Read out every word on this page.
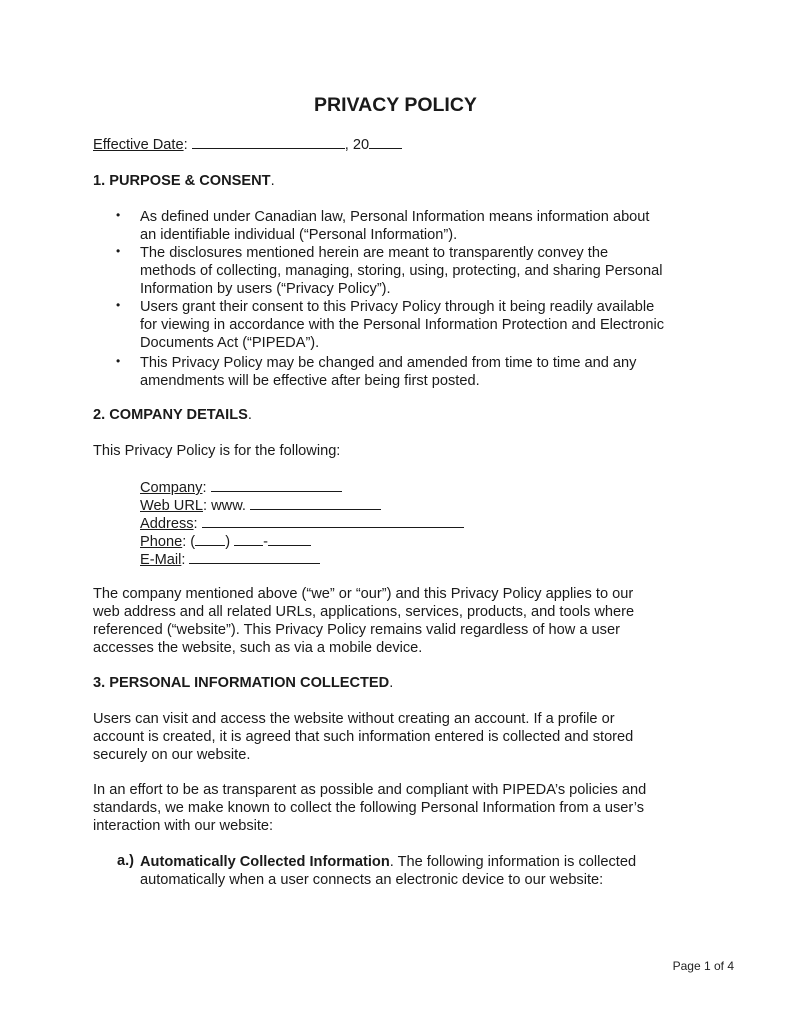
PRIVACY POLICY
Effective Date:	, 20
1. PURPOSE & CONSENT.
• As defined under Canadian law, Personal Information means information about
an identifiable individual (“Personal Information”).
• The disclosures mentioned herein are meant to transparently convey the
methods of collecting, managing, storing, using, protecting, and sharing Personal
Information by users (“Privacy Policy”).
• Users grant their consent to this Privacy Policy through it being readily available
for viewing in accordance with the Personal Information Protection and Electronic
Documents Act (“PIPEDA”).
• This Privacy Policy may be changed and amended from time to time and any
amendments will be effective after being first posted.
2. COMPANY DETAILS.
This Privacy Policy is for the following:
Company:
Web URL: www.
Address:
Phone: ( ) -
E-Mail:
The company mentioned above (“we” or “our”) and this Privacy Policy applies to our
web address and all related URLs, applications, services, products, and tools where
referenced (“website”). This Privacy Policy remains valid regardless of how a user
accesses the website, such as via a mobile device.
3. PERSONAL INFORMATION COLLECTED.
Users can visit and access the website without creating an account. If a profile or
account is created, it is agreed that such information entered is collected and stored
securely on our website.
In an effort to be as transparent as possible and compliant with PIPEDA’s policies and
standards, we make known to collect the following Personal Information from a user’s
interaction with our website:
a.) Automatically Collected Information. The following information is collected
automatically when a user connects an electronic device to our website:
Page 1 of 4
